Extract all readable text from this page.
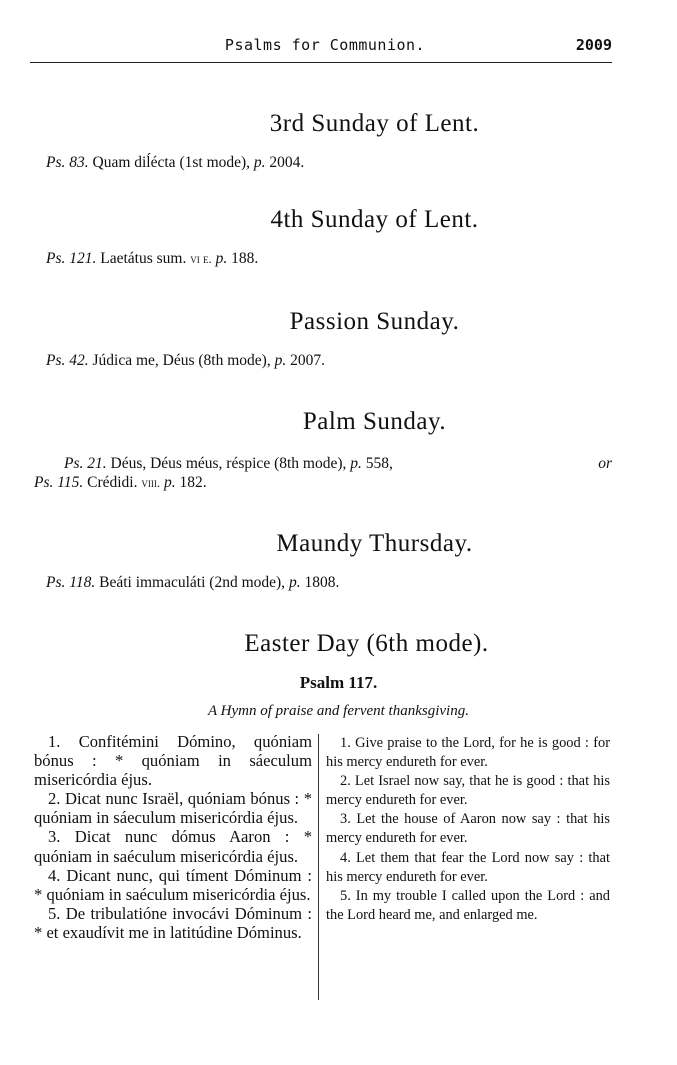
Psalms for Communion.	2009
3rd Sunday of Lent.
Ps. 83. Quam diĺécta (1st mode), p. 2004.
4th Sunday of Lent.
Ps. 121. Laetátus sum. vi e. p. 188.
Passion Sunday.
Ps. 42. Júdica me, Déus (8th mode), p. 2007.
Palm Sunday.
Ps. 21. Déus, Déus méus, réspice (8th mode), p. 558,	or
Ps. 115. Crédidi. viii. p. 182.
Maundy Thursday.
Ps. 118. Beáti immaculáti (2nd mode), p. 1808.
Easter Day (6th mode).
Psalm 117.
A Hymn of praise and fervent thanksgiving.

1. Confitémini Dómino, quóniam bónus : * quóniam in sáeculum misericórdia éjus.

2. Dicat nunc Israël, quóniam bónus : * quóniam in sáeculum misericórdia éjus.

3. Dicat nunc dómus Aaron : * quóniam in saéculum misericórdia éjus.

4. Dicant nunc, qui tíment Dóminum : * quóniam in saéculum misericórdia éjus.

5. De tribulatióne invocávi Dóminum : * et exaudívit me in latitúdine Dóminus.

1. Give praise to the Lord, for he is good : for his mercy endureth for ever.

2. Let Israel now say, that he is good : that his mercy endureth for ever.

3. Let the house of Aaron now say : that his mercy endureth for ever.

4. Let them that fear the Lord now say : that his mercy endureth for ever.

5. In my trouble I called upon the Lord : and the Lord heard me, and enlarged me.
